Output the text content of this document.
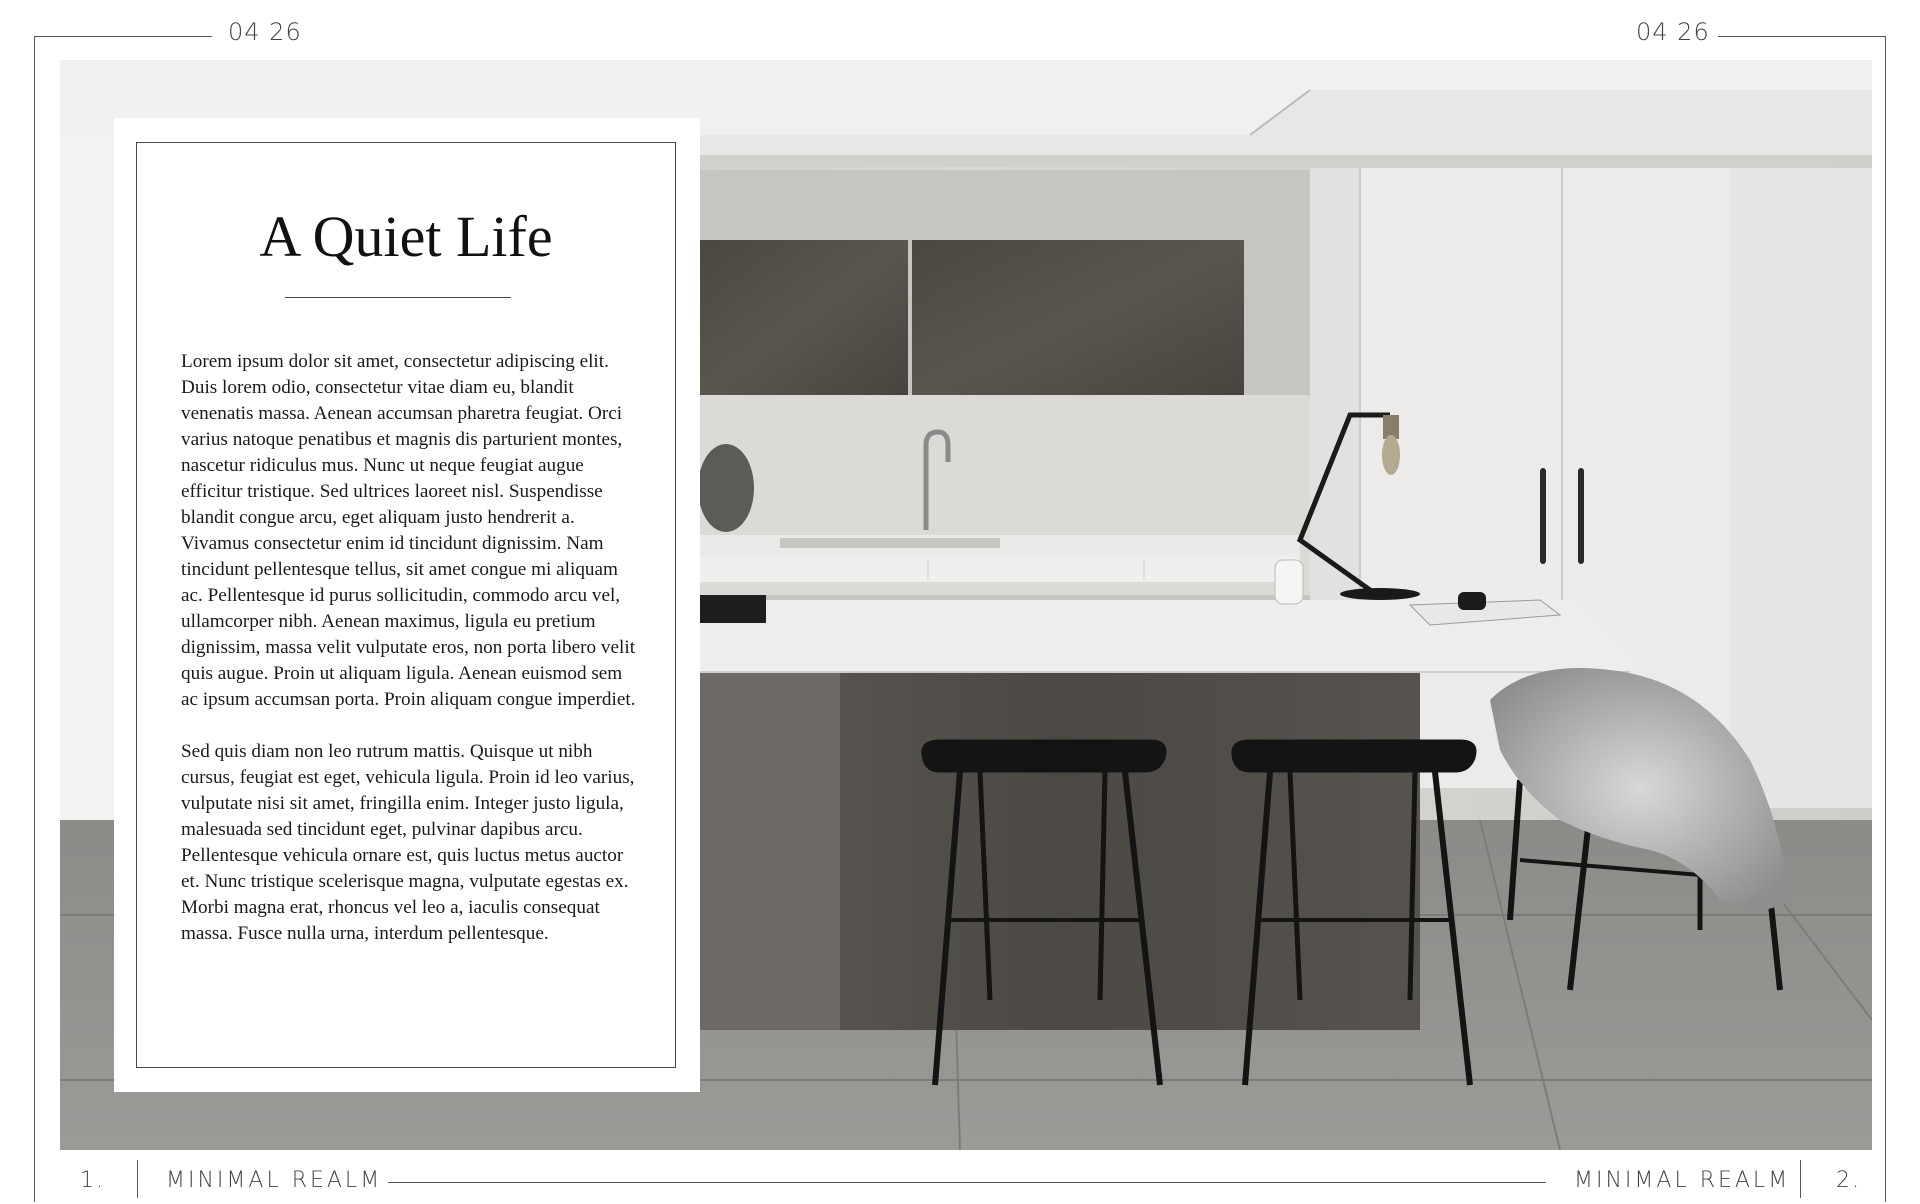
04 26	04 26
A Quiet Life

Lorem ipsum dolor sit amet, consectetur adipiscing elit. Duis lorem odio, consectetur vitae diam eu, blandit venenatis massa. Aenean accumsan pharetra feugiat. Orci varius natoque penatibus et magnis dis parturient montes, nascetur ridiculus mus. Nunc ut neque feugiat augue efficitur tristique. Sed ultrices laoreet nisl. Suspendisse blandit congue arcu, eget aliquam justo hendrerit a. Vivamus consectetur enim id tincidunt dignissim. Nam tincidunt pellentesque tellus, sit amet congue mi aliquam ac. Pellentesque id purus sollicitudin, commodo arcu vel, ullamcorper nibh. Aenean maximus, ligula eu pretium dignissim, massa velit vulputate eros, non porta libero velit quis augue. Proin ut aliquam ligula. Aenean euismod sem ac ipsum accumsan porta. Proin aliquam congue imperdiet.

Sed quis diam non leo rutrum mattis. Quisque ut nibh cursus, feugiat est eget, vehicula ligula. Proin id leo varius, vulputate nisi sit amet, fringilla enim. Integer justo ligula, malesuada sed tincidunt eget, pulvinar dapibus arcu. Pellentesque vehicula ornare est, quis luctus metus auctor et. Nunc tristique scelerisque magna, vulputate egestas ex. Morbi magna erat, rhoncus vel leo a, iaculis consequat massa. Fusce nulla urna, interdum pellentesque.

1.	MINIMAL REALM	MINIMAL REALM 2.
